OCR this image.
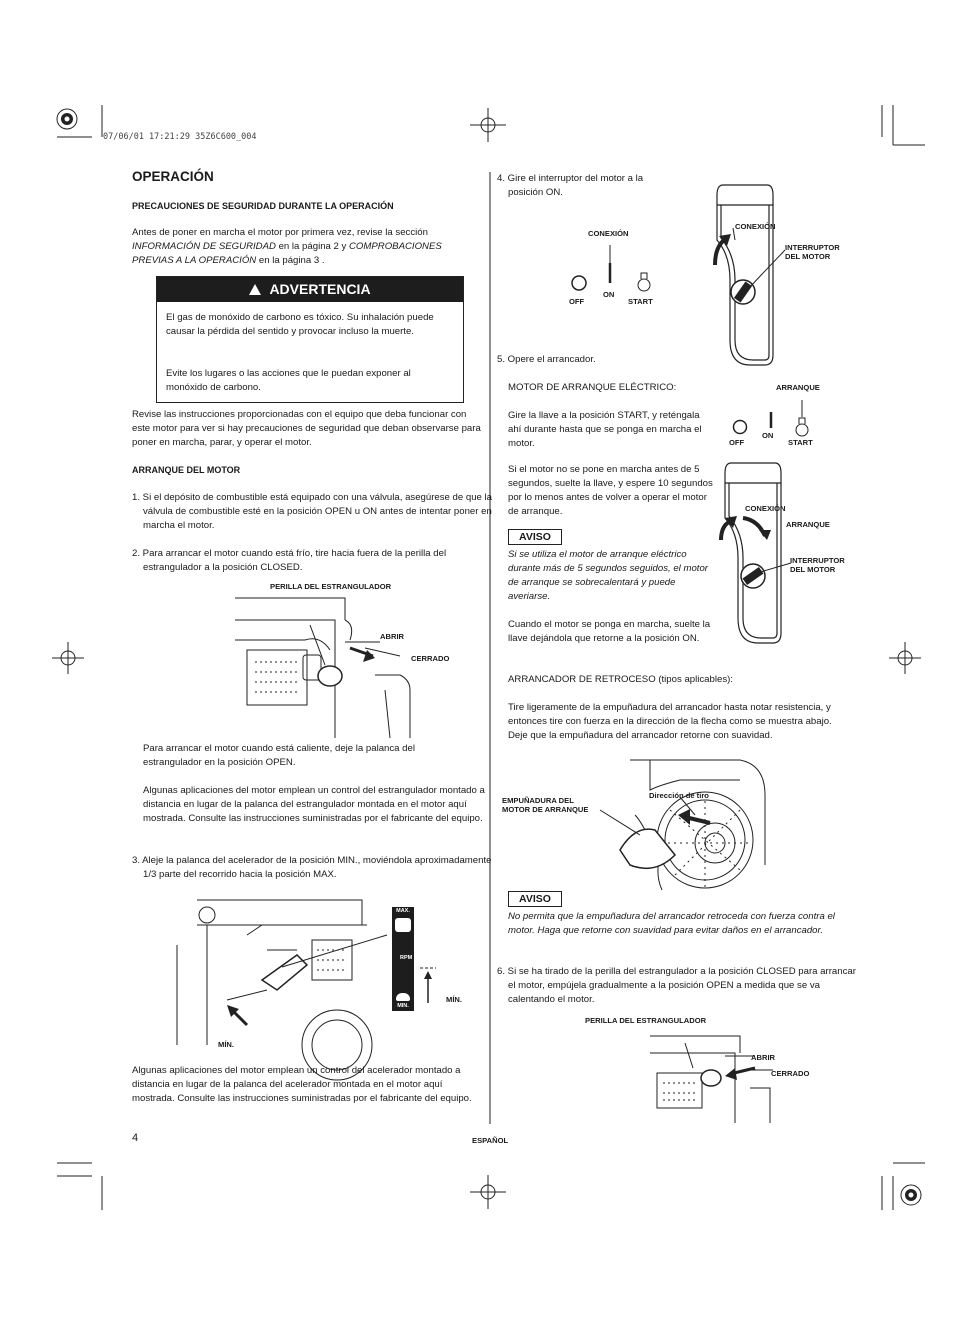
07/06/01 17:21:29 35Z6C600_004
OPERACIÓN
PRECAUCIONES DE SEGURIDAD DURANTE LA OPERACIÓN
Antes de poner en marcha el motor por primera vez, revise la sección INFORMACIÓN DE SEGURIDAD en la página 2 y COMPROBACIONES PREVIAS A LA OPERACIÓN en la página 3 .
ADVERTENCIA
El gas de monóxido de carbono es tóxico. Su inhalación puede causar la pérdida del sentido y provocar incluso la muerte.
Evite los lugares o las acciones que le puedan exponer al monóxido de carbono.
Revise las instrucciones proporcionadas con el equipo que deba funcionar con este motor para ver si hay precauciones de seguridad que deban observarse para poner en marcha, parar, y operar el motor.
ARRANQUE DEL MOTOR
1. Si el depósito de combustible está equipado con una válvula, asegúrese de que la válvula de combustible esté en la posición OPEN u ON antes de intentar poner en marcha el motor.
2. Para arrancar el motor cuando está frío, tire hacia fuera de la perilla del estrangulador a la posición CLOSED.
PERILLA DEL ESTRANGULADOR
ABRIR
CERRADO
Para arrancar el motor cuando está caliente, deje la palanca del estrangulador en la posición OPEN.
Algunas aplicaciones del motor emplean un control del estrangulador montado a distancia en lugar de la palanca del estrangulador montada en el motor aquí mostrada. Consulte las instrucciones suministradas por el fabricante del equipo.
3. Aleje la palanca del acelerador de la posición MIN., moviéndola aproximadamente 1/3 parte del recorrido hacia la posición MAX.
MAX.
RPM
MIN.
MÍN.
MÍN.
Algunas aplicaciones del motor emplean un control del acelerador montado a distancia en lugar de la palanca del acelerador montada en el motor aquí mostrada. Consulte las instrucciones suministradas por el fabricante del equipo.
4	ESPAÑOL
4. Gire el interruptor del motor a la posición ON.
CONEXIÓN
OFF
ON
START
CONEXIÓN
INTERRUPTOR
DEL MOTOR
5. Opere el arrancador.
MOTOR DE ARRANQUE ELÉCTRICO:
Gire la llave a la posición START, y reténgala ahí durante hasta que se ponga en marcha el motor.
Si el motor no se pone en marcha antes de 5 segundos, suelte la llave, y espere 10 segundos por lo menos antes de volver a operar el motor de arranque.
ARRANQUE
OFF
ON
START
CONEXIÓN
ARRANQUE
INTERRUPTOR
DEL MOTOR
AVISO
Si se utiliza el motor de arranque eléctrico durante más de 5 segundos seguidos, el motor de arranque se sobrecalentará y puede averiarse.
Cuando el motor se ponga en marcha, suelte la llave dejándola que retorne a la posición ON.
ARRANCADOR DE RETROCESO (tipos aplicables):
Tire ligeramente de la empuñadura del arrancador hasta notar resistencia, y entonces tire con fuerza en la dirección de la flecha como se muestra abajo. Deje que la empuñadura del arrancador retorne con suavidad.
Dirección de tiro
EMPUÑADURA DEL
MOTOR DE ARRANQUE
AVISO
No permita que la empuñadura del arrancador retroceda con fuerza contra el motor. Haga que retorne con suavidad para evitar daños en el arrancador.
6. Si se ha tirado de la perilla del estrangulador a la posición CLOSED para arrancar el motor, empújela gradualmente a la posición OPEN a medida que se va calentando el motor.
PERILLA DEL ESTRANGULADOR
ABRIR
CERRADO
